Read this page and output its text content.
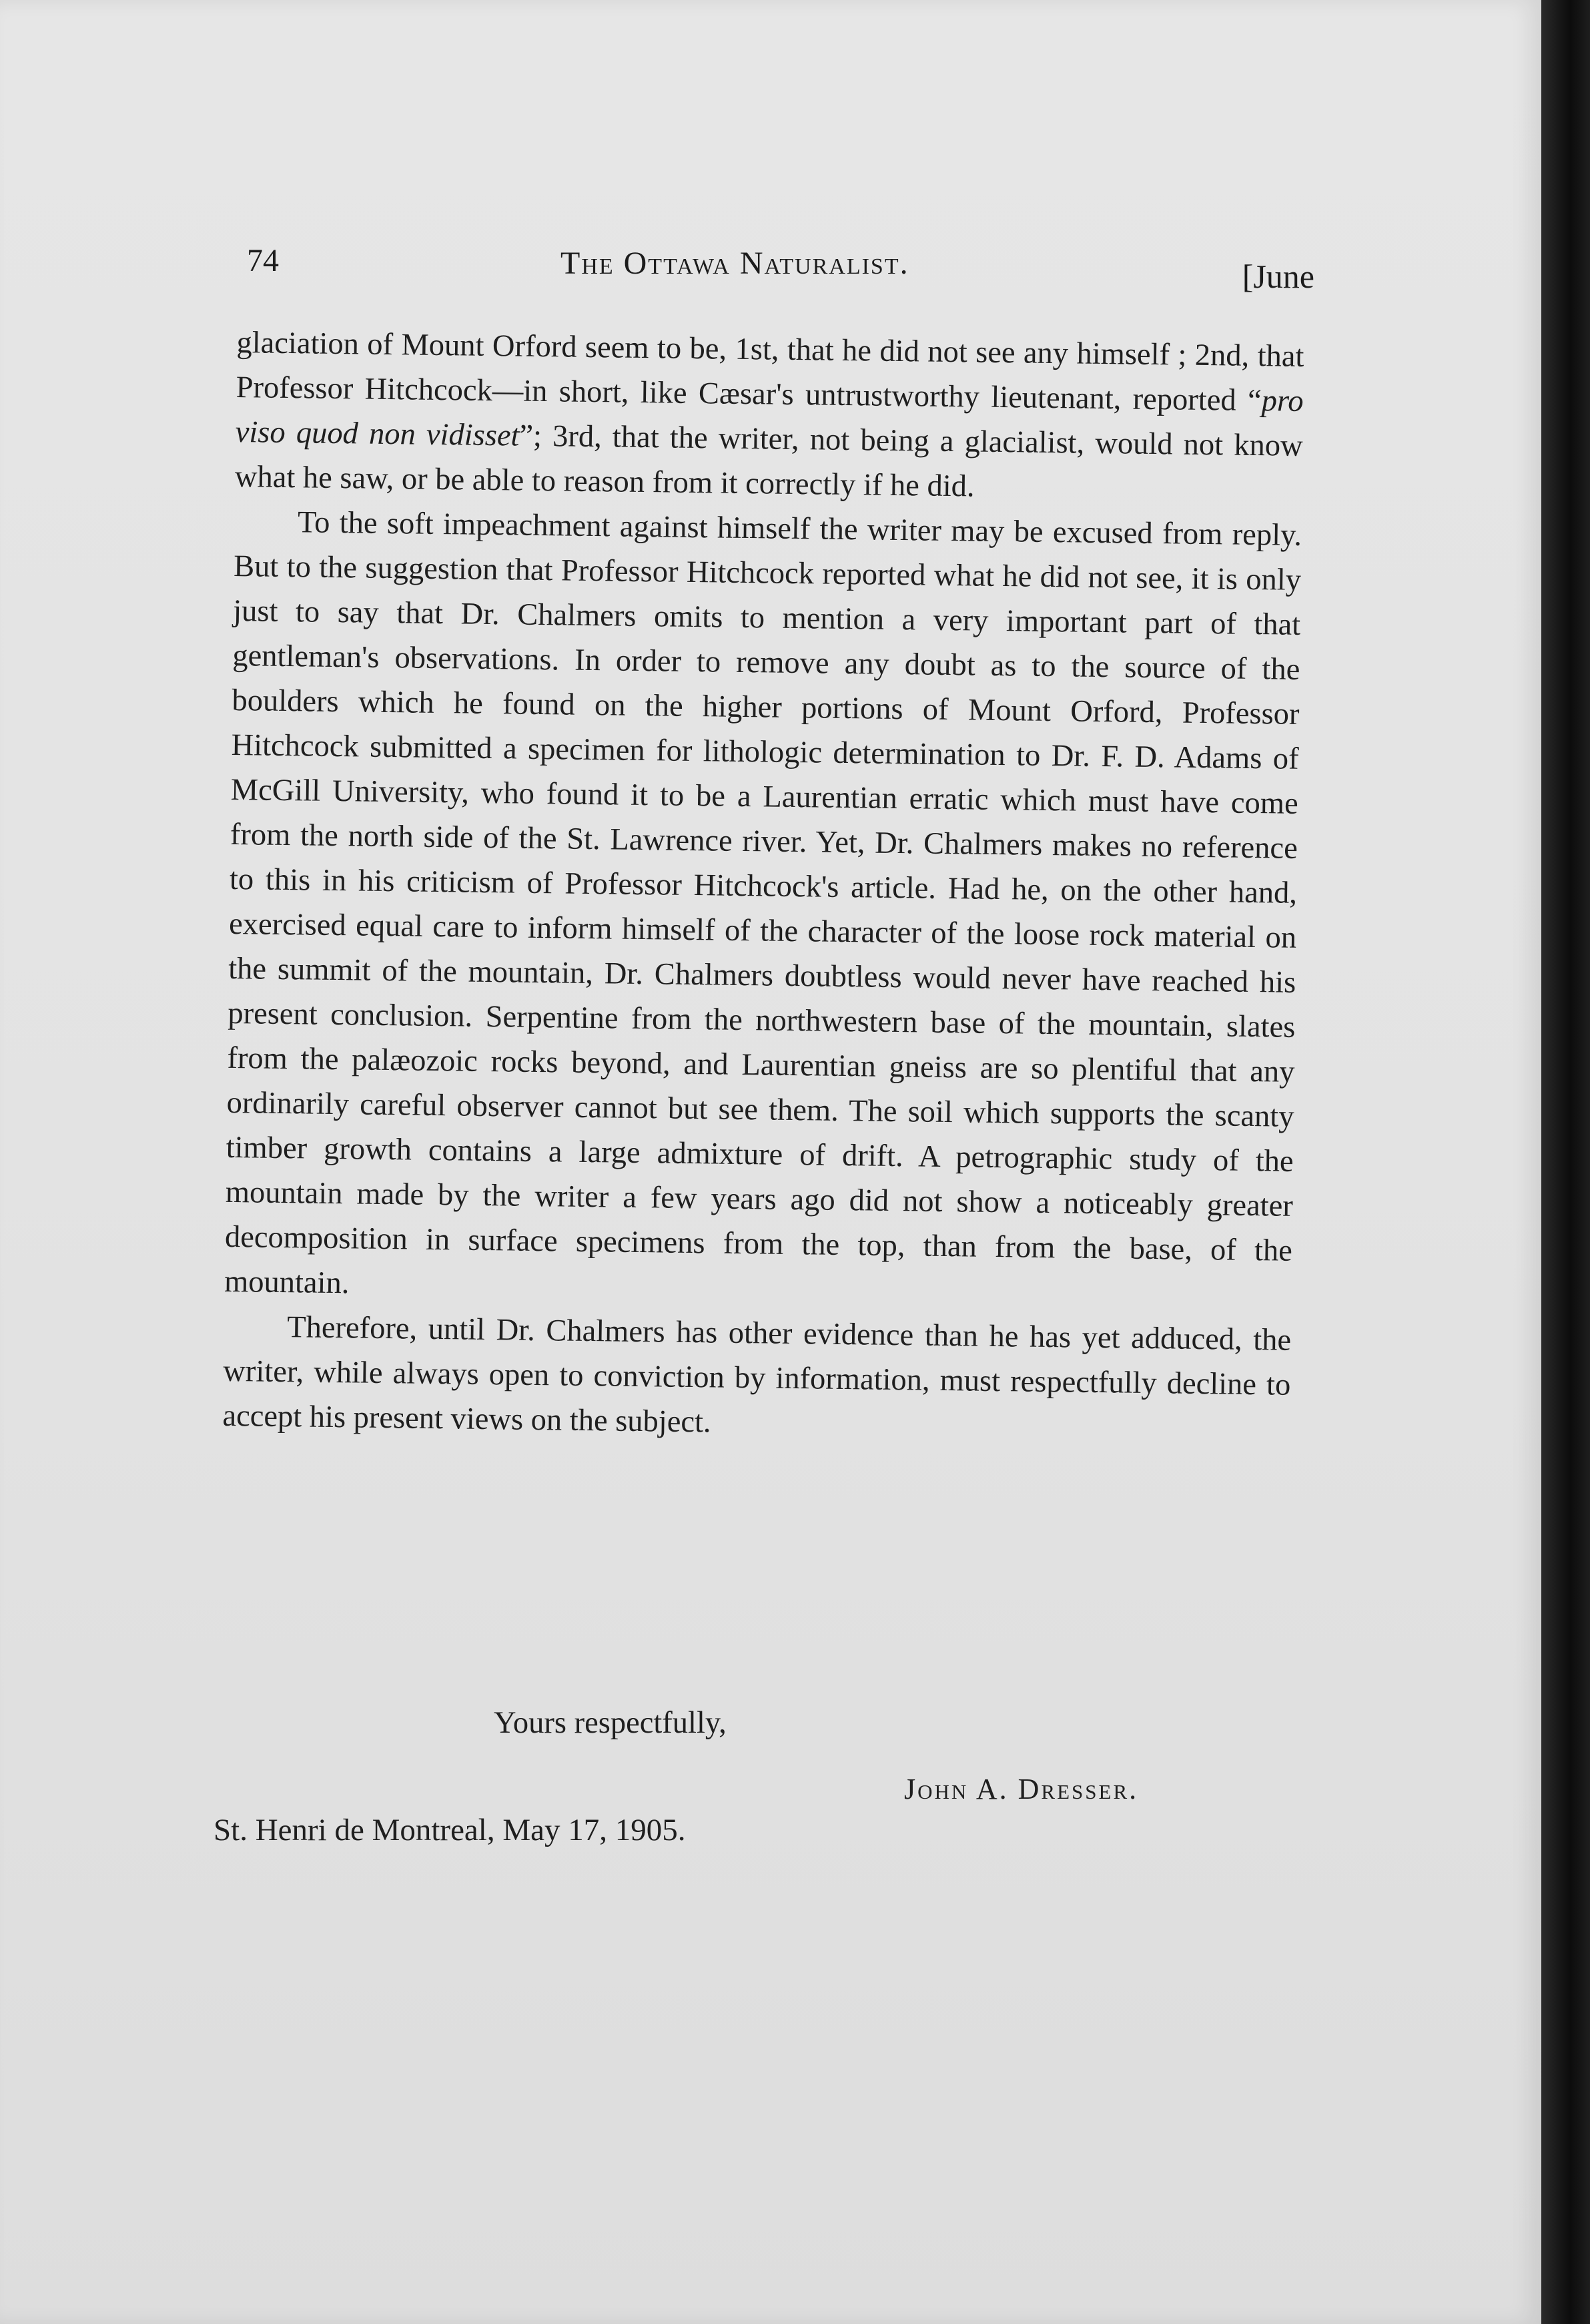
74	The Ottawa Naturalist.	[June

glaciation of Mount Orford seem to be, 1st, that he did not see any himself ; 2nd, that Professor Hitchcock—in short, like Cæsar's untrustworthy lieutenant, reported “pro viso quod non vidisset”; 3rd, that the writer, not being a glacialist, would not know what he saw, or be able to reason from it correctly if he did.

To the soft impeachment against himself the writer may be excused from reply. But to the suggestion that Professor Hitchcock reported what he did not see, it is only just to say that Dr. Chalmers omits to mention a very important part of that gentleman's observations. In order to remove any doubt as to the source of the boulders which he found on the higher portions of Mount Orford, Professor Hitchcock submitted a specimen for lithologic determination to Dr. F. D. Adams of McGill University, who found it to be a Laurentian erratic which must have come from the north side of the St. Lawrence river. Yet, Dr. Chalmers makes no reference to this in his criticism of Professor Hitchcock's article. Had he, on the other hand, exercised equal care to inform himself of the character of the loose rock material on the summit of the mountain, Dr. Chalmers doubtless would never have reached his present conclusion. Serpentine from the northwestern base of the mountain, slates from the palæozoic rocks beyond, and Laurentian gneiss are so plentiful that any ordinarily careful observer cannot but see them. The soil which supports the scanty timber growth contains a large admixture of drift. A petrographic study of the mountain made by the writer a few years ago did not show a noticeably greater decomposition in surface specimens from the top, than from the base, of the mountain.

Therefore, until Dr. Chalmers has other evidence than he has yet adduced, the writer, while always open to conviction by information, must respectfully decline to accept his present views on the subject.

Yours respectfully,
John A. Dresser.
St. Henri de Montreal, May 17, 1905.
